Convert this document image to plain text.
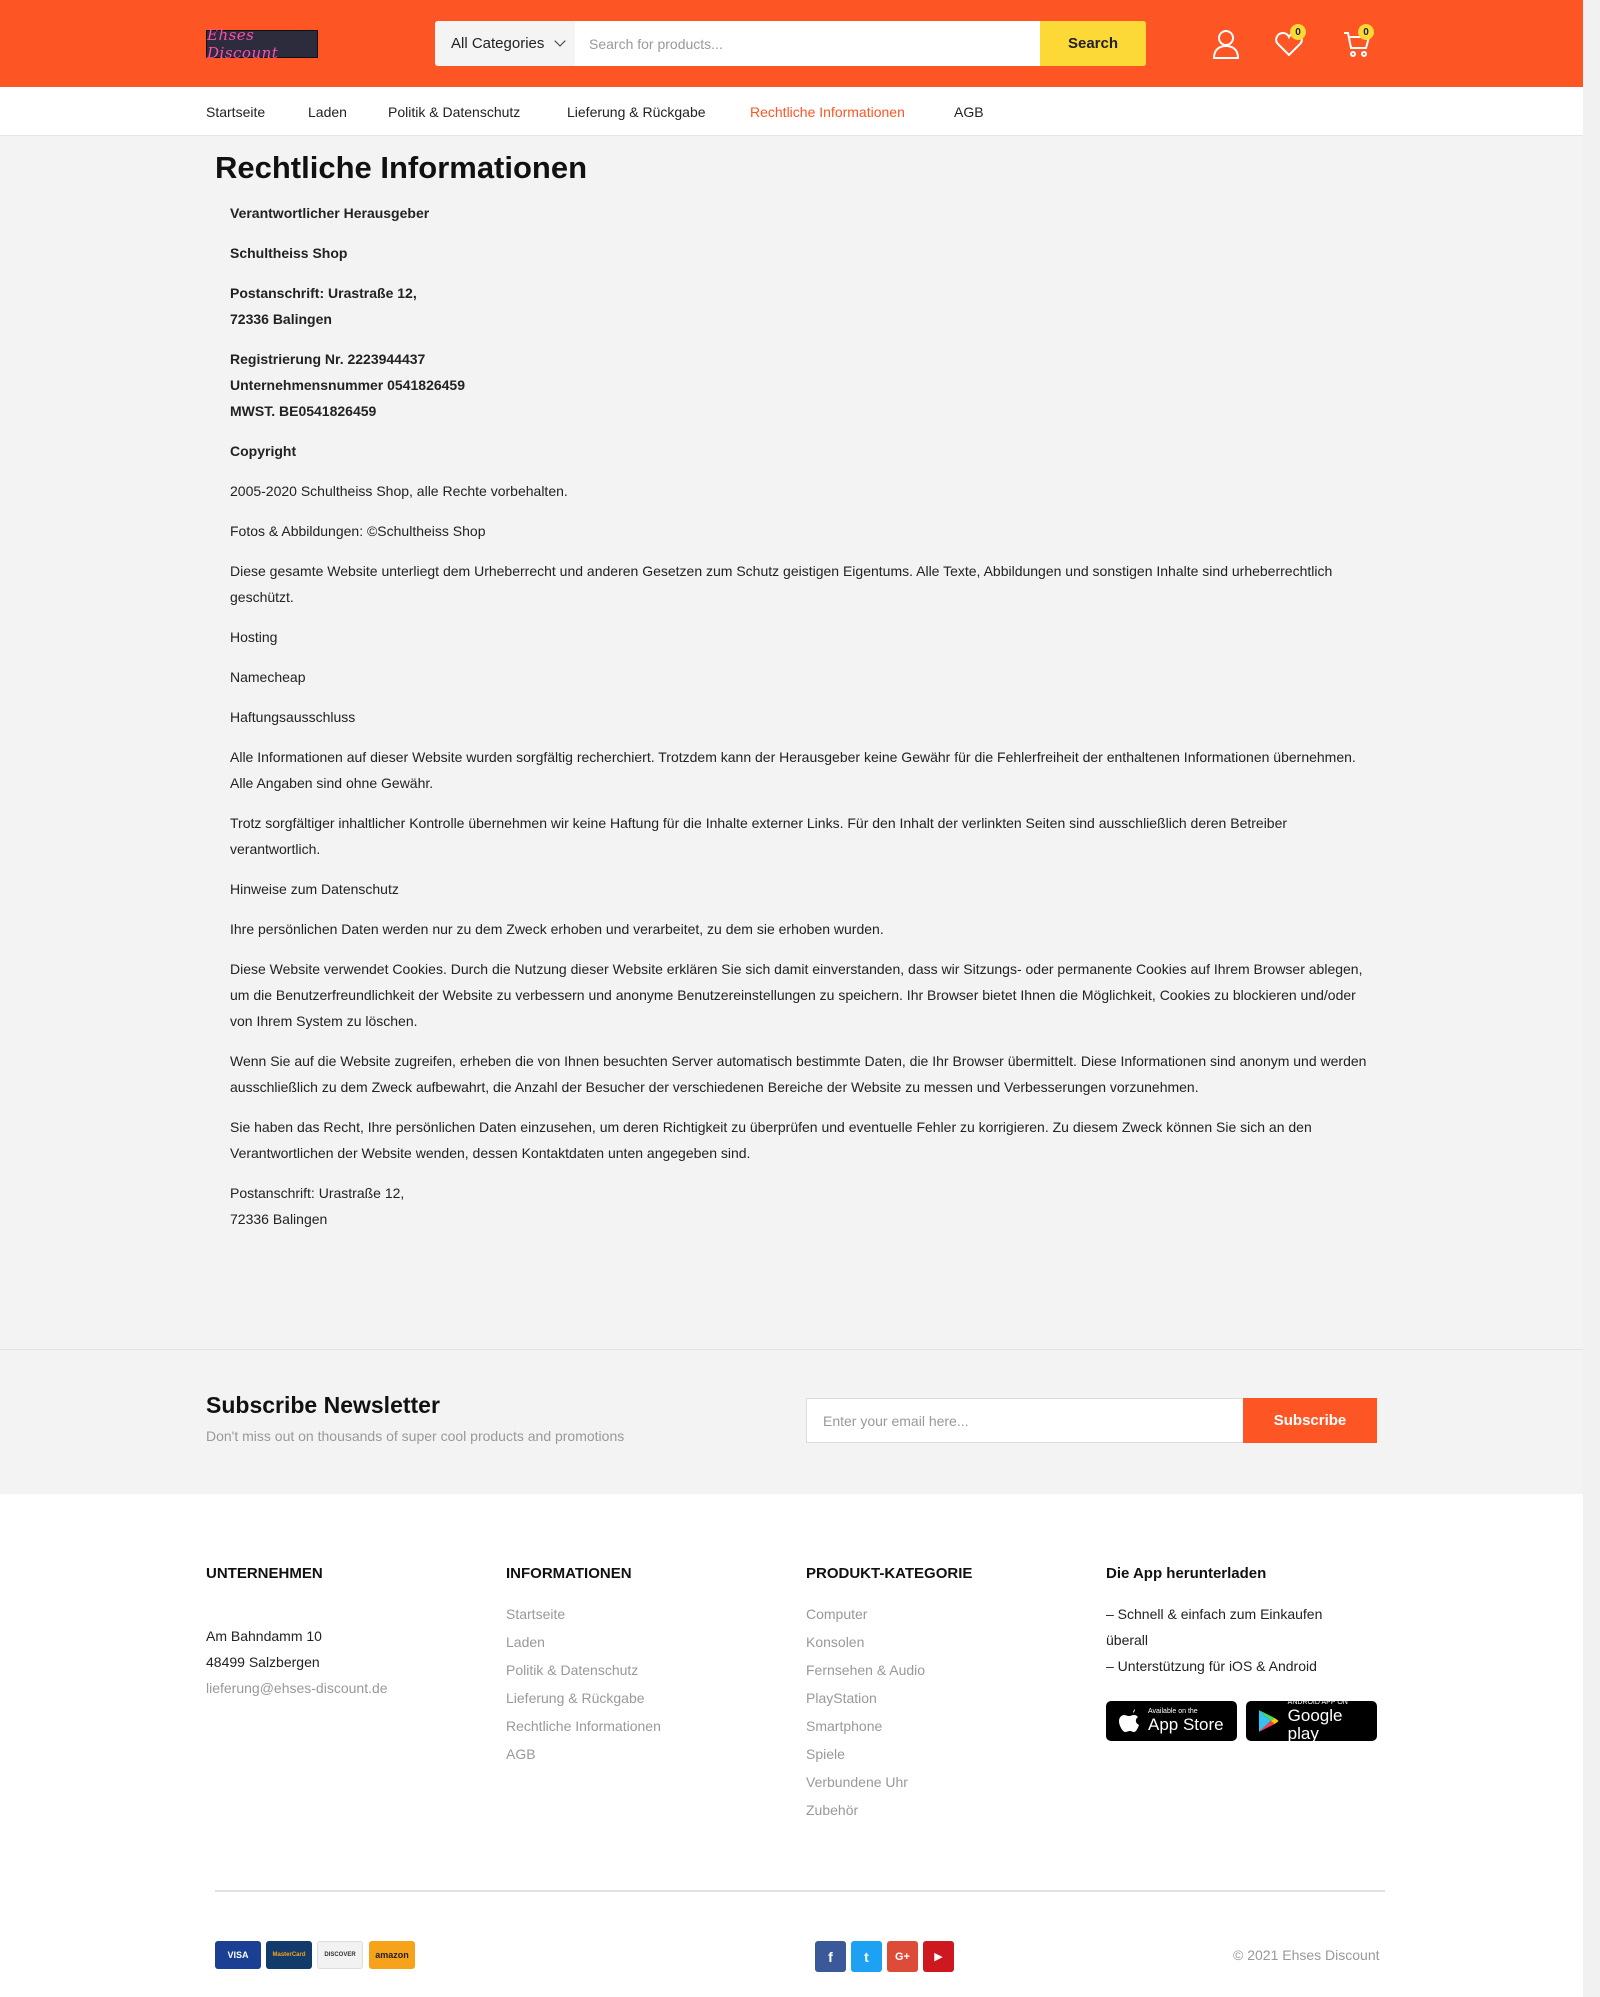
Ehses Discount
All Categories
Search for products...	Search
0	0
Startseite	Laden	Politik & Datenschutz	Lieferung & Rückgabe	Rechtliche Informationen	AGB
Rechtliche Informationen

Verantwortlicher Herausgeber

Schultheiss Shop

Postanschrift: Urastraße 12,
72336 Balingen

Registrierung Nr. 2223944437
Unternehmensnummer 0541826459
MWST. BE0541826459

Copyright

2005-2020 Schultheiss Shop, alle Rechte vorbehalten.

Fotos & Abbildungen: ©Schultheiss Shop

Diese gesamte Website unterliegt dem Urheberrecht und anderen Gesetzen zum Schutz geistigen Eigentums. Alle Texte, Abbildungen und sonstigen Inhalte sind urheberrechtlich geschützt.

Hosting

Namecheap

Haftungsausschluss

Alle Informationen auf dieser Website wurden sorgfältig recherchiert. Trotzdem kann der Herausgeber keine Gewähr für die Fehlerfreiheit der enthaltenen Informationen übernehmen. Alle Angaben sind ohne Gewähr.

Trotz sorgfältiger inhaltlicher Kontrolle übernehmen wir keine Haftung für die Inhalte externer Links. Für den Inhalt der verlinkten Seiten sind ausschließlich deren Betreiber verantwortlich.

Hinweise zum Datenschutz

Ihre persönlichen Daten werden nur zu dem Zweck erhoben und verarbeitet, zu dem sie erhoben wurden.

Diese Website verwendet Cookies. Durch die Nutzung dieser Website erklären Sie sich damit einverstanden, dass wir Sitzungs- oder permanente Cookies auf Ihrem Browser ablegen, um die Benutzerfreundlichkeit der Website zu verbessern und anonyme Benutzereinstellungen zu speichern. Ihr Browser bietet Ihnen die Möglichkeit, Cookies zu blockieren und/oder von Ihrem System zu löschen.

Wenn Sie auf die Website zugreifen, erheben die von Ihnen besuchten Server automatisch bestimmte Daten, die Ihr Browser übermittelt. Diese Informationen sind anonym und werden ausschließlich zu dem Zweck aufbewahrt, die Anzahl der Besucher der verschiedenen Bereiche der Website zu messen und Verbesserungen vorzunehmen.

Sie haben das Recht, Ihre persönlichen Daten einzusehen, um deren Richtigkeit zu überprüfen und eventuelle Fehler zu korrigieren. Zu diesem Zweck können Sie sich an den Verantwortlichen der Website wenden, dessen Kontaktdaten unten angegeben sind.

Postanschrift: Urastraße 12,
72336 Balingen

Subscribe Newsletter

Don't miss out on thousands of super cool products and promotions

Enter your email here...
Subscribe
UNTERNEHMEN

Am Bahndamm 10

48499 Salzbergen

lieferung@ehses-discount.de
INFORMATIONEN
Startseite
Laden
Politik & Datenschutz
Lieferung & Rückgabe
Rechtliche Informationen
AGB
PRODUKT-KATEGORIE
Computer
Konsolen
Fernsehen & Audio
PlayStation
Smartphone
Spiele
Verbundene Uhr
Zubehör
Die App herunterladen

– Schnell & einfach zum Einkaufen

überall

– Unterstützung für iOS & Android

Available on the
App Store
ANDROID APP ON
Google play
VISA	MasterCard	DISCOVER	amazon	f	t	G+	▶	© 2021 Ehses Discount
